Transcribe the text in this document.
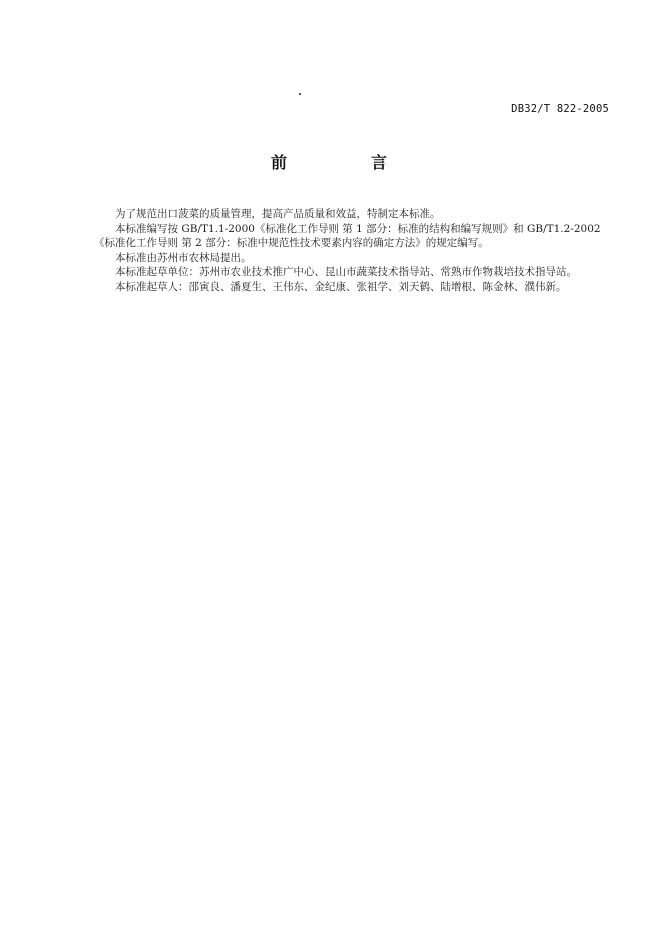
DB32/T 822-2005
前　言

为了规范出口菠菜的质量管理，提高产品质量和效益，特制定本标准。

本标准编写按 GB/T1.1-2000《标准化工作导则 第 1 部分：标准的结构和编写规则》和 GB/T1.2-2002

《标准化工作导则 第 2 部分：标准中规范性技术要素内容的确定方法》的规定编写。

本标准由苏州市农林局提出。

本标准起草单位：苏州市农业技术推广中心、昆山市蔬菜技术指导站、常熟市作物栽培技术指导站。

本标准起草人：邵寅良、潘夏生、王伟东、金纪康、张祖学、刘天鹤、陆增根、陈金林、濮伟新。
